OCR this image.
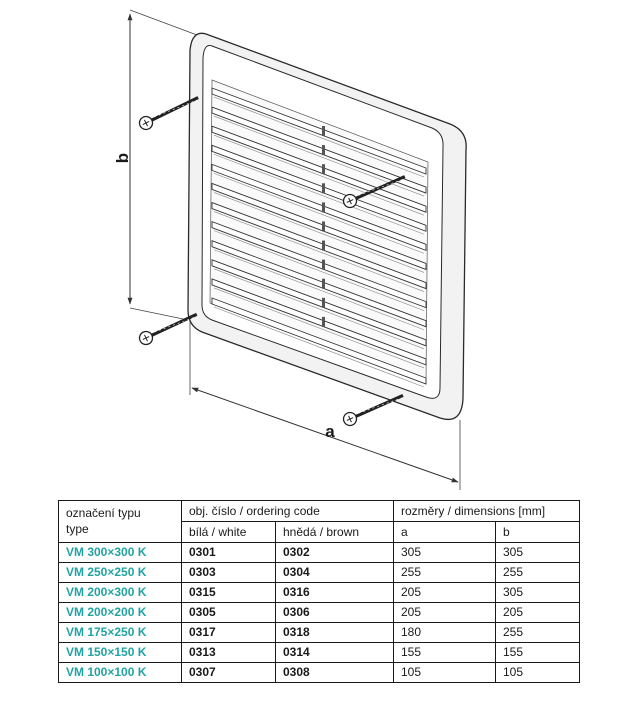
b
a
označení typu
type	obj. číslo / ordering code		rozměry / dimensions [mm]	
	bílá / white	hnědá / brown	a	b
VM 300×300 K	0301	0302	305	305
VM 250×250 K	0303	0304	255	255
VM 200×300 K	0315	0316	205	305
VM 200×200 K	0305	0306	205	205
VM 175×250 K	0317	0318	180	255
VM 150×150 K	0313	0314	155	155
VM 100×100 K	0307	0308	105	105
